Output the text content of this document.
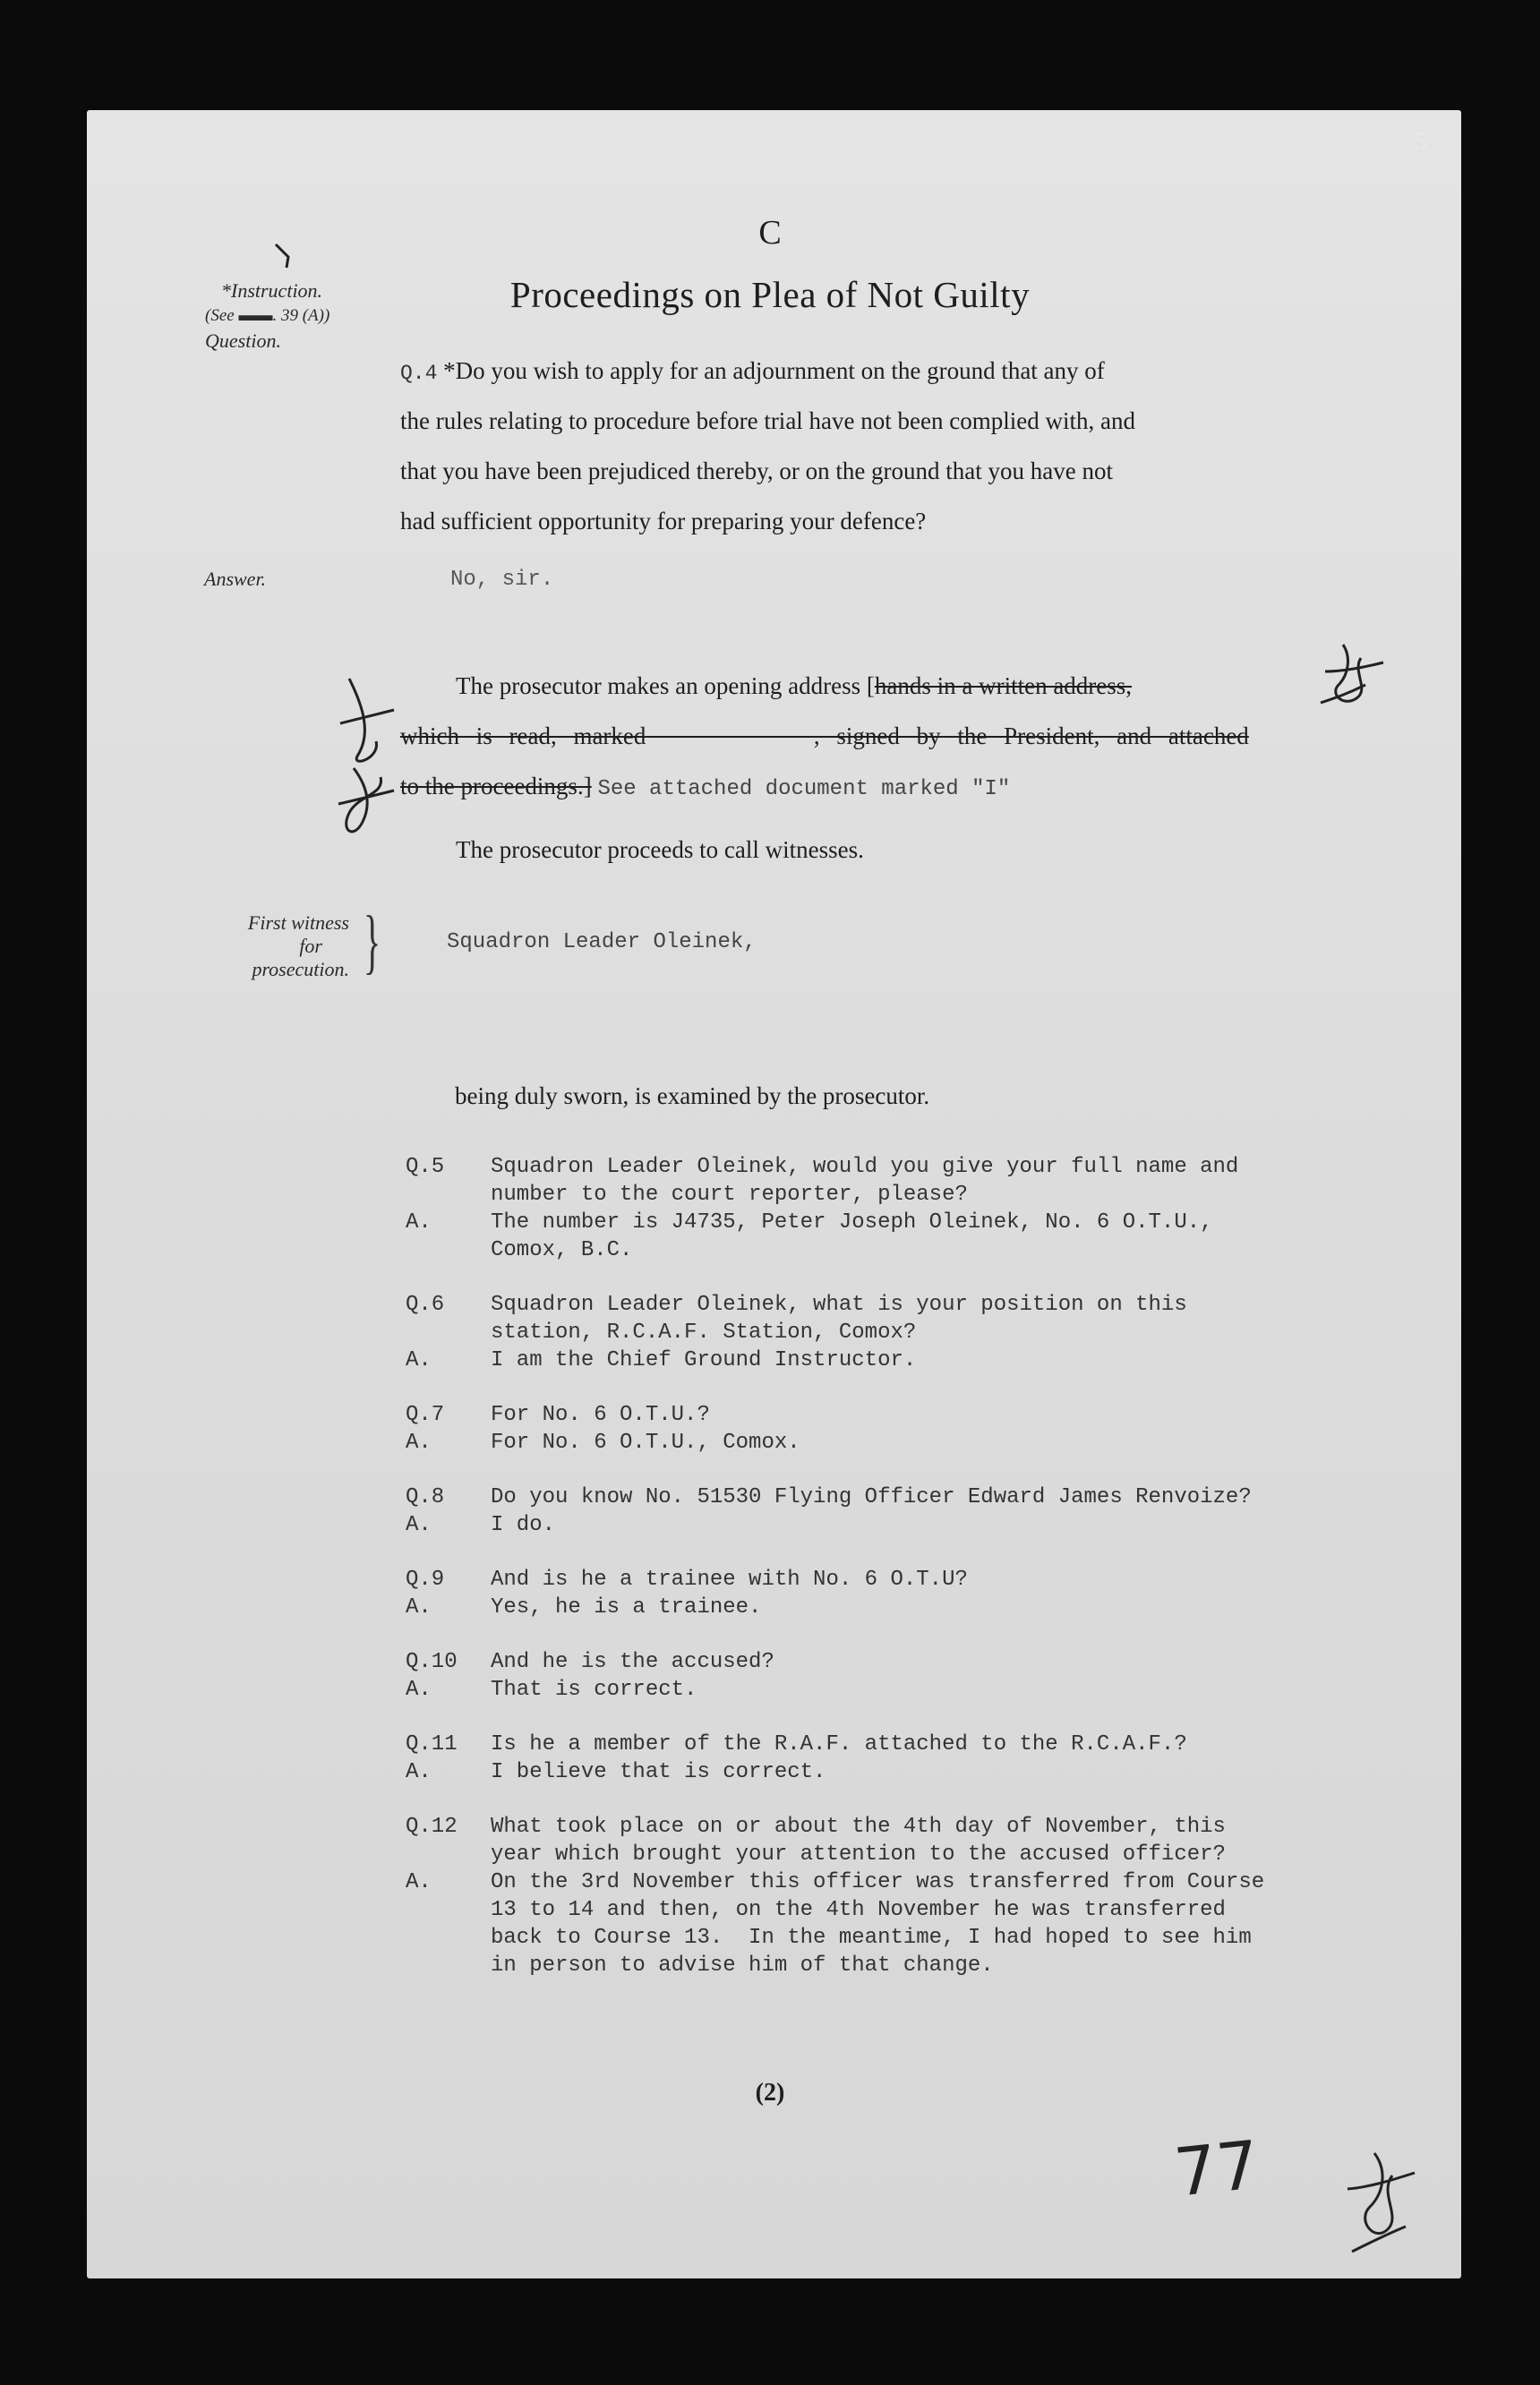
5
C
Proceedings on Plea of Not Guilty
*Instruction.
(See ▬▬. 39 (A))
Question.
Answer.
First witness
for
prosecution. }
Q.4 *Do you wish to apply for an adjournment on the ground that any of
the rules relating to procedure before trial have not been complied with, and
that you have been prejudiced thereby, or on the ground that you have not
had sufficient opportunity for preparing your defence?
No, sir.
The prosecutor makes an opening address [hands in a written address,
which is read, marked	, signed by the President, and attached
to the proceedings.] See attached document marked "I"
The prosecutor proceeds to call witnesses.
Squadron Leader Oleinek,
being duly sworn, is examined by the prosecutor.
Q.5	Squadron Leader Oleinek, would you give your full name and
number to the court reporter, please?
A.	The number is J4735, Peter Joseph Oleinek, No. 6 O.T.U.,
Comox, B.C.
Q.6	Squadron Leader Oleinek, what is your position on this
station, R.C.A.F. Station, Comox?
A.	I am the Chief Ground Instructor.
Q.7	For No. 6 O.T.U.?
A.	For No. 6 O.T.U., Comox.
Q.8	Do you know No. 51530 Flying Officer Edward James Renvoize?
A.	I do.
Q.9	And is he a trainee with No. 6 O.T.U?
A.	Yes, he is a trainee.
Q.10	And he is the accused?
A.	That is correct.
Q.11	Is he a member of the R.A.F. attached to the R.C.A.F.?
A.	I believe that is correct.
Q.12	What took place on or about the 4th day of November, this
year which brought your attention to the accused officer?
A.	On the 3rd November this officer was transferred from Course
13 to 14 and then, on the 4th November he was transferred
back to Course 13.  In the meantime, I had hoped to see him
in person to advise him of that change.
(2)
77
